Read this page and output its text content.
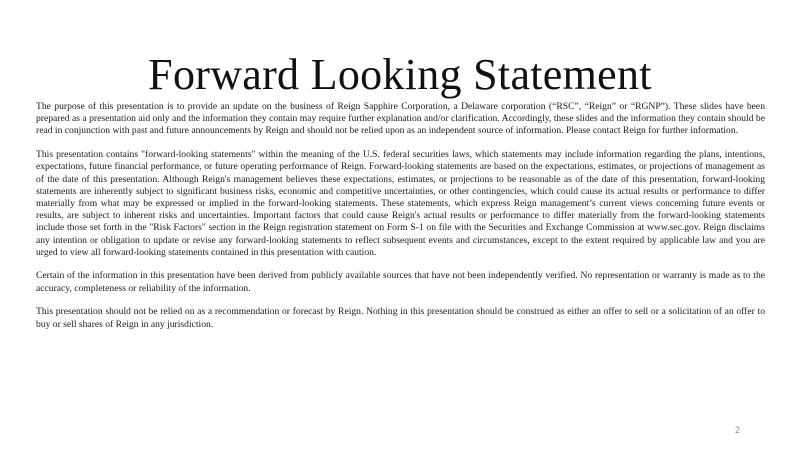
Forward Looking Statement

The purpose of this presentation is to provide an update on the business of Reign Sapphire Corporation, a Delaware corporation (“RSC”, “Reign” or “RGNP”). These slides have been prepared as a presentation aid only and the information they contain may require further explanation and/or clarification. Accordingly, these slides and the information they contain should be read in conjunction with past and future announcements by Reign and should not be relied upon as an independent source of information. Please contact Reign for further information.

This presentation contains "forward-looking statements" within the meaning of the U.S. federal securities laws, which statements may include information regarding the plans, intentions, expectations, future financial performance, or future operating performance of Reign. Forward-looking statements are based on the expectations, estimates, or projections of management as of the date of this presentation. Although Reign's management believes these expectations, estimates, or projections to be reasonable as of the date of this presentation, forward-looking statements are inherently subject to significant business risks, economic and competitive uncertainties, or other contingencies, which could cause its actual results or performance to differ materially from what may be expressed or implied in the forward-looking statements. These statements, which express Reign management’s current views concerning future events or results, are subject to inherent risks and uncertainties. Important factors that could cause Reign's actual results or performance to differ materially from the forward-looking statements include those set forth in the "Risk Factors" section in the Reign registration statement on Form S-1 on file with the Securities and Exchange Commission at www.sec.gov. Reign disclaims any intention or obligation to update or revise any forward-looking statements to reflect subsequent events and circumstances, except to the extent required by applicable law and you are urged to view all forward-looking statements contained in this presentation with caution.

Certain of the information in this presentation have been derived from publicly available sources that have not been independently verified. No representation or warranty is made as to the accuracy, completeness or reliability of the information.

This presentation should not be relied on as a recommendation or forecast by Reign. Nothing in this presentation should be construed as either an offer to sell or a solicitation of an offer to buy or sell shares of Reign in any jurisdiction.

2
